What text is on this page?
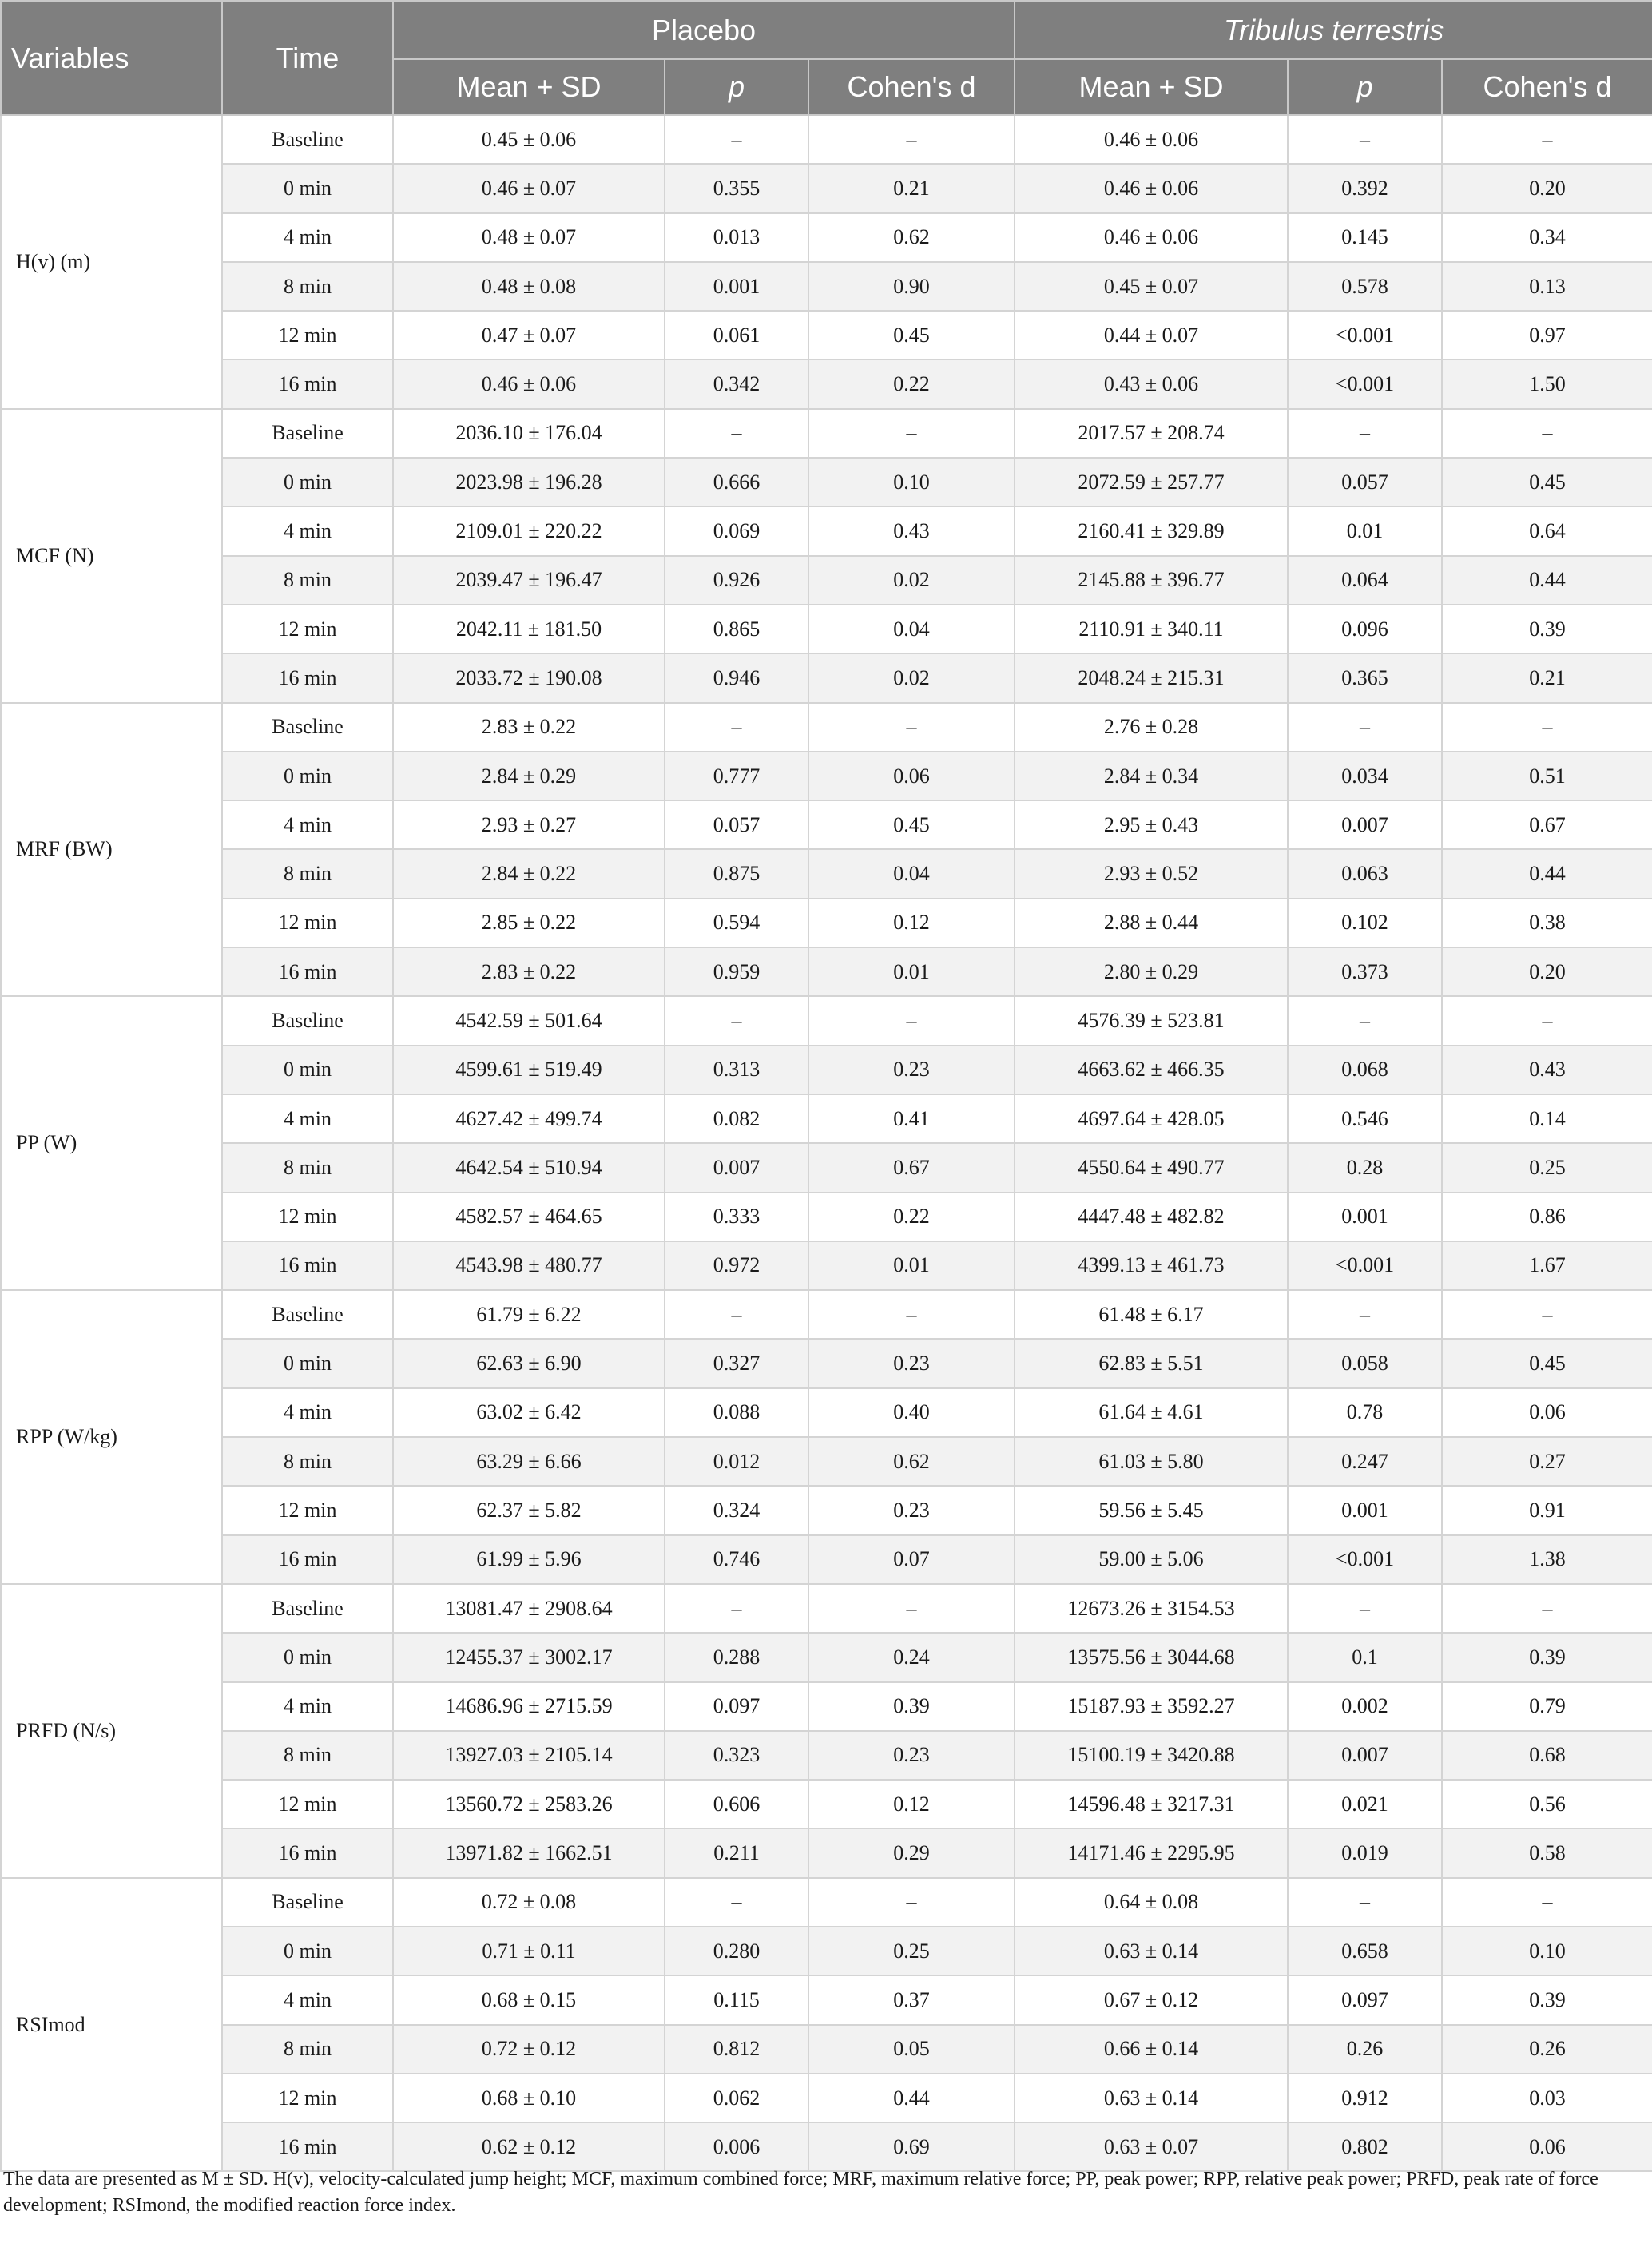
Variables	Time	Placebo			Tribulus terrestris		
		Mean + SD	p	Cohen's d	Mean + SD	p	Cohen's d
H(v) (m)	Baseline	0.45 ± 0.06	–	–	0.46 ± 0.06	–	–
	0 min	0.46 ± 0.07	0.355	0.21	0.46 ± 0.06	0.392	0.20
	4 min	0.48 ± 0.07	0.013	0.62	0.46 ± 0.06	0.145	0.34
	8 min	0.48 ± 0.08	0.001	0.90	0.45 ± 0.07	0.578	0.13
	12 min	0.47 ± 0.07	0.061	0.45	0.44 ± 0.07	<0.001	0.97
	16 min	0.46 ± 0.06	0.342	0.22	0.43 ± 0.06	<0.001	1.50
MCF (N)	Baseline	2036.10 ± 176.04	–	–	2017.57 ± 208.74	–	–
	0 min	2023.98 ± 196.28	0.666	0.10	2072.59 ± 257.77	0.057	0.45
	4 min	2109.01 ± 220.22	0.069	0.43	2160.41 ± 329.89	0.01	0.64
	8 min	2039.47 ± 196.47	0.926	0.02	2145.88 ± 396.77	0.064	0.44
	12 min	2042.11 ± 181.50	0.865	0.04	2110.91 ± 340.11	0.096	0.39
	16 min	2033.72 ± 190.08	0.946	0.02	2048.24 ± 215.31	0.365	0.21
MRF (BW)	Baseline	2.83 ± 0.22	–	–	2.76 ± 0.28	–	–
	0 min	2.84 ± 0.29	0.777	0.06	2.84 ± 0.34	0.034	0.51
	4 min	2.93 ± 0.27	0.057	0.45	2.95 ± 0.43	0.007	0.67
	8 min	2.84 ± 0.22	0.875	0.04	2.93 ± 0.52	0.063	0.44
	12 min	2.85 ± 0.22	0.594	0.12	2.88 ± 0.44	0.102	0.38
	16 min	2.83 ± 0.22	0.959	0.01	2.80 ± 0.29	0.373	0.20
PP (W)	Baseline	4542.59 ± 501.64	–	–	4576.39 ± 523.81	–	–
	0 min	4599.61 ± 519.49	0.313	0.23	4663.62 ± 466.35	0.068	0.43
	4 min	4627.42 ± 499.74	0.082	0.41	4697.64 ± 428.05	0.546	0.14
	8 min	4642.54 ± 510.94	0.007	0.67	4550.64 ± 490.77	0.28	0.25
	12 min	4582.57 ± 464.65	0.333	0.22	4447.48 ± 482.82	0.001	0.86
	16 min	4543.98 ± 480.77	0.972	0.01	4399.13 ± 461.73	<0.001	1.67
RPP (W/kg)	Baseline	61.79 ± 6.22	–	–	61.48 ± 6.17	–	–
	0 min	62.63 ± 6.90	0.327	0.23	62.83 ± 5.51	0.058	0.45
	4 min	63.02 ± 6.42	0.088	0.40	61.64 ± 4.61	0.78	0.06
	8 min	63.29 ± 6.66	0.012	0.62	61.03 ± 5.80	0.247	0.27
	12 min	62.37 ± 5.82	0.324	0.23	59.56 ± 5.45	0.001	0.91
	16 min	61.99 ± 5.96	0.746	0.07	59.00 ± 5.06	<0.001	1.38
PRFD (N/s)	Baseline	13081.47 ± 2908.64	–	–	12673.26 ± 3154.53	–	–
	0 min	12455.37 ± 3002.17	0.288	0.24	13575.56 ± 3044.68	0.1	0.39
	4 min	14686.96 ± 2715.59	0.097	0.39	15187.93 ± 3592.27	0.002	0.79
	8 min	13927.03 ± 2105.14	0.323	0.23	15100.19 ± 3420.88	0.007	0.68
	12 min	13560.72 ± 2583.26	0.606	0.12	14596.48 ± 3217.31	0.021	0.56
	16 min	13971.82 ± 1662.51	0.211	0.29	14171.46 ± 2295.95	0.019	0.58
RSImod	Baseline	0.72 ± 0.08	–	–	0.64 ± 0.08	–	–
	0 min	0.71 ± 0.11	0.280	0.25	0.63 ± 0.14	0.658	0.10
	4 min	0.68 ± 0.15	0.115	0.37	0.67 ± 0.12	0.097	0.39
	8 min	0.72 ± 0.12	0.812	0.05	0.66 ± 0.14	0.26	0.26
	12 min	0.68 ± 0.10	0.062	0.44	0.63 ± 0.14	0.912	0.03
	16 min	0.62 ± 0.12	0.006	0.69	0.63 ± 0.07	0.802	0.06
The data are presented as M ± SD. H(v), velocity-calculated jump height; MCF, maximum combined force; MRF, maximum relative force; PP, peak power; RPP, relative peak power; PRFD, peak rate of force development; RSImond, the modified reaction force index.
